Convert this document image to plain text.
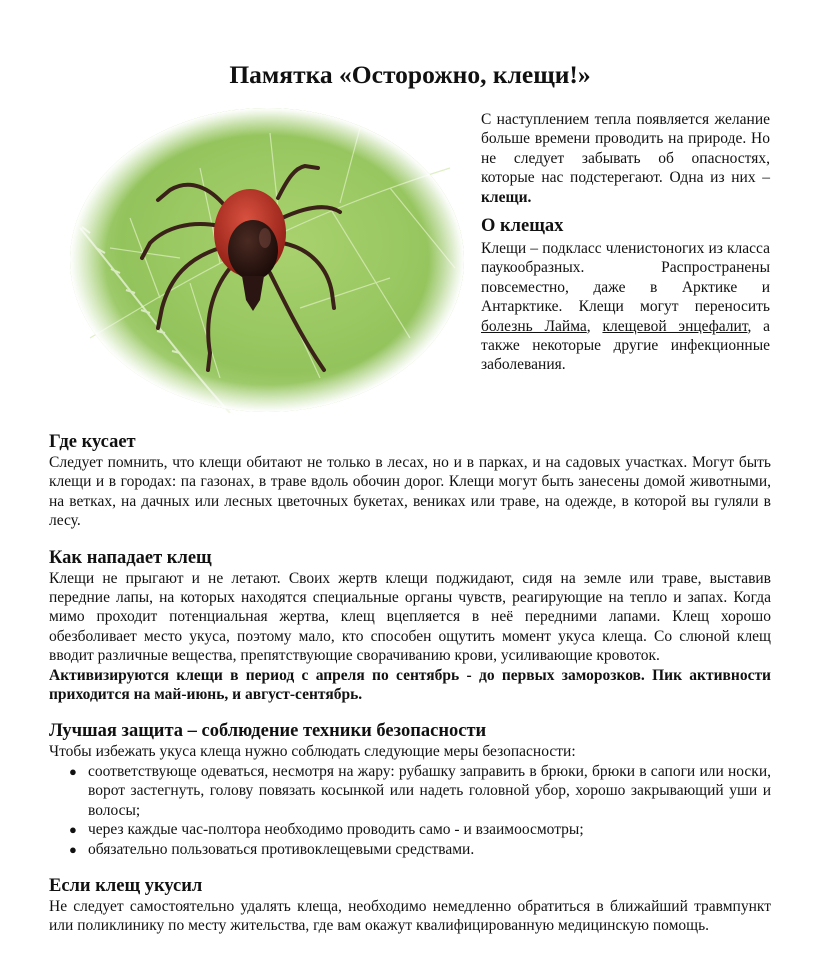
Памятка «Осторожно, клещи!»

С наступлением тепла появляется желание больше времени проводить на природе. Но не следует забывать об опасностях, которые нас подстерегают. Одна из них – клещи.

О клещах

Клещи – подкласс членистоногих из класса паукообразных. Распространены повсеместно, даже в Арктике и Антарктике. Клещи могут переносить болезнь Лайма, клещевой энцефалит, а также некоторые другие инфекционные заболевания.

Где кусает

Следует помнить, что клещи обитают не только в лесах, но и в парках, и на садовых участках. Могут быть клещи и в городах: па газонах, в траве вдоль обочин дорог. Клещи могут быть занесены домой животными, на ветках, на дачных или лесных цветочных букетах, вениках или траве, на одежде, в которой вы гуляли в лесу.

Как нападает клещ

Клещи не прыгают и не летают. Своих жертв клещи поджидают, сидя на земле или траве, выставив передние лапы, на которых находятся специальные органы чувств, реагирующие на тепло и запах. Когда мимо проходит потенциальная жертва, клещ вцепляется в неё передними лапами. Клещ хорошо обезболивает место укуса, поэтому мало, кто способен ощутить момент укуса клеща. Со слюной клещ вводит различные вещества, препятствующие сворачиванию крови, усиливающие кровоток.

Активизируются клещи в период с апреля по сентябрь - до первых заморозков. Пик активности приходится на май-июнь, и август-сентябрь.

Лучшая защита – соблюдение техники безопасности

Чтобы избежать укуса клеща нужно соблюдать следующие меры безопасности:

● соответствующе одеваться, несмотря на жару: рубашку заправить в брюки, брюки в сапоги или носки, ворот застегнуть, голову повязать косынкой или надеть головной убор, хорошо закрывающий уши и волосы;
● через каждые час-полтора необходимо проводить само - и взаимоосмотры;
● обязательно пользоваться противоклещевыми средствами.
Если клещ укусил

Не следует самостоятельно удалять клеща, необходимо немедленно обратиться в ближайший травмпункт или поликлинику по месту жительства, где вам окажут квалифицированную медицинскую помощь.
